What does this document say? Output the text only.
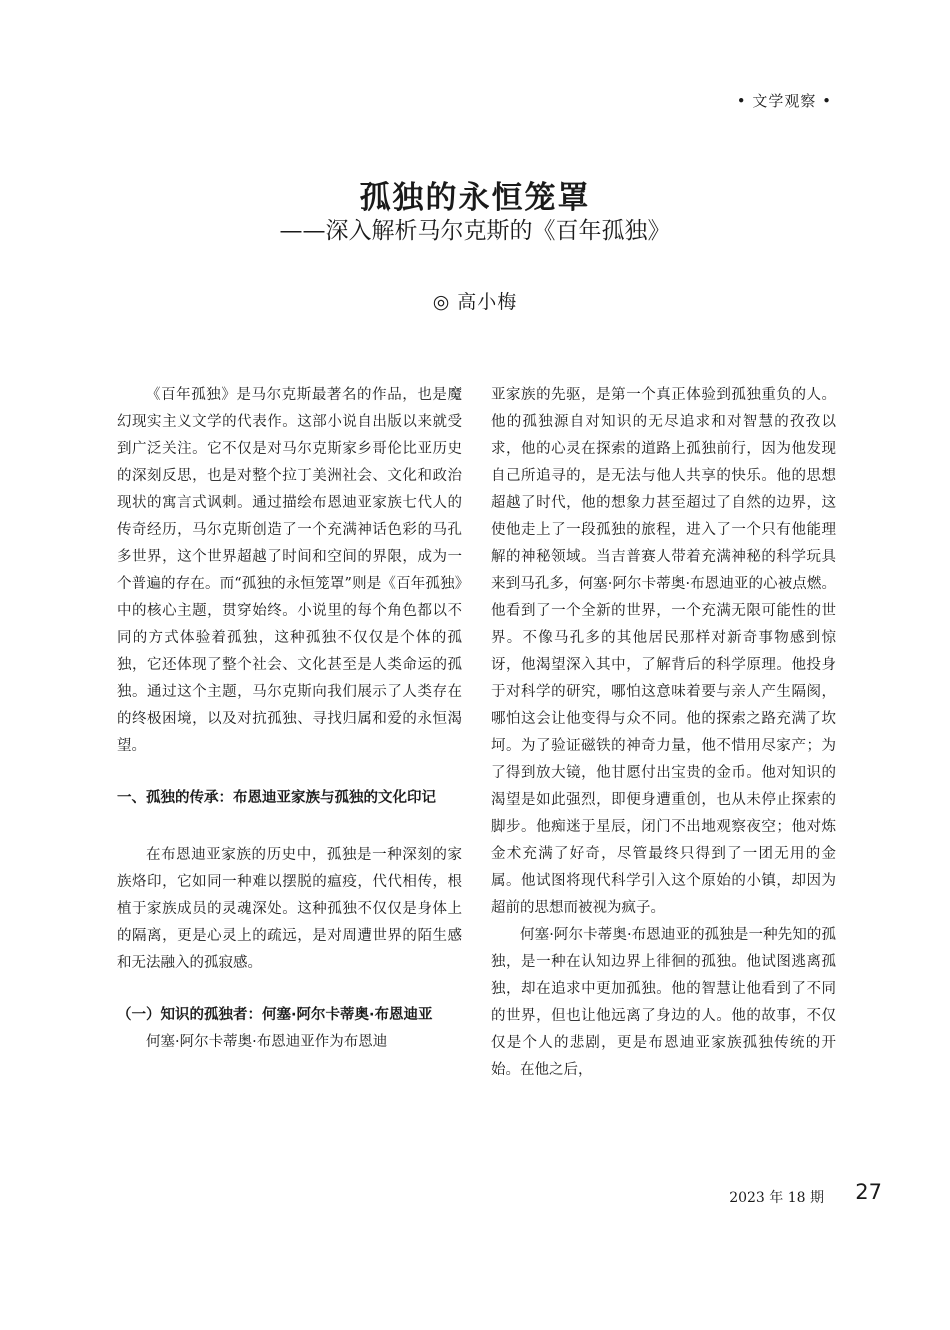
• 文学观察 •
孤独的永恒笼罩
——深入解析马尔克斯的《百年孤独》
◎ 高小梅

《百年孤独》是马尔克斯最著名的作品，也是魔幻现实主义文学的代表作。这部小说自出版以来就受到广泛关注。它不仅是对马尔克斯家乡哥伦比亚历史的深刻反思，也是对整个拉丁美洲社会、文化和政治现状的寓言式讽刺。通过描绘布恩迪亚家族七代人的传奇经历，马尔克斯创造了一个充满神话色彩的马孔多世界，这个世界超越了时间和空间的界限，成为一个普遍的存在。而“孤独的永恒笼罩”则是《百年孤独》中的核心主题，贯穿始终。小说里的每个角色都以不同的方式体验着孤独，这种孤独不仅仅是个体的孤独，它还体现了整个社会、文化甚至是人类命运的孤独。通过这个主题，马尔克斯向我们展示了人类存在的终极困境，以及对抗孤独、寻找归属和爱的永恒渴望。

一、孤独的传承：布恩迪亚家族与孤独的文化印记

在布恩迪亚家族的历史中，孤独是一种深刻的家族烙印，它如同一种难以摆脱的瘟疫，代代相传，根植于家族成员的灵魂深处。这种孤独不仅仅是身体上的隔离，更是心灵上的疏远，是对周遭世界的陌生感和无法融入的孤寂感。

（一）知识的孤独者：何塞·阿尔卡蒂奥·布恩迪亚

何塞·阿尔卡蒂奥·布恩迪亚作为布恩迪

亚家族的先驱，是第一个真正体验到孤独重负的人。他的孤独源自对知识的无尽追求和对智慧的孜孜以求，他的心灵在探索的道路上孤独前行，因为他发现自己所追寻的，是无法与他人共享的快乐。他的思想超越了时代，他的想象力甚至超过了自然的边界，这使他走上了一段孤独的旅程，进入了一个只有他能理解的神秘领域。当吉普赛人带着充满神秘的科学玩具来到马孔多，何塞·阿尔卡蒂奥·布恩迪亚的心被点燃。他看到了一个全新的世界，一个充满无限可能性的世界。不像马孔多的其他居民那样对新奇事物感到惊讶，他渴望深入其中，了解背后的科学原理。他投身于对科学的研究，哪怕这意味着要与亲人产生隔阂，哪怕这会让他变得与众不同。他的探索之路充满了坎坷。为了验证磁铁的神奇力量，他不惜用尽家产；为了得到放大镜，他甘愿付出宝贵的金币。他对知识的渴望是如此强烈，即便身遭重创，也从未停止探索的脚步。他痴迷于星辰，闭门不出地观察夜空；他对炼金术充满了好奇，尽管最终只得到了一团无用的金属。他试图将现代科学引入这个原始的小镇，却因为超前的思想而被视为疯子。

何塞·阿尔卡蒂奥·布恩迪亚的孤独是一种先知的孤独，是一种在认知边界上徘徊的孤独。他试图逃离孤独，却在追求中更加孤独。他的智慧让他看到了不同的世界，但也让他远离了身边的人。他的故事，不仅仅是个人的悲剧，更是布恩迪亚家族孤独传统的开始。在他之后，

2023 年 18 期 27
